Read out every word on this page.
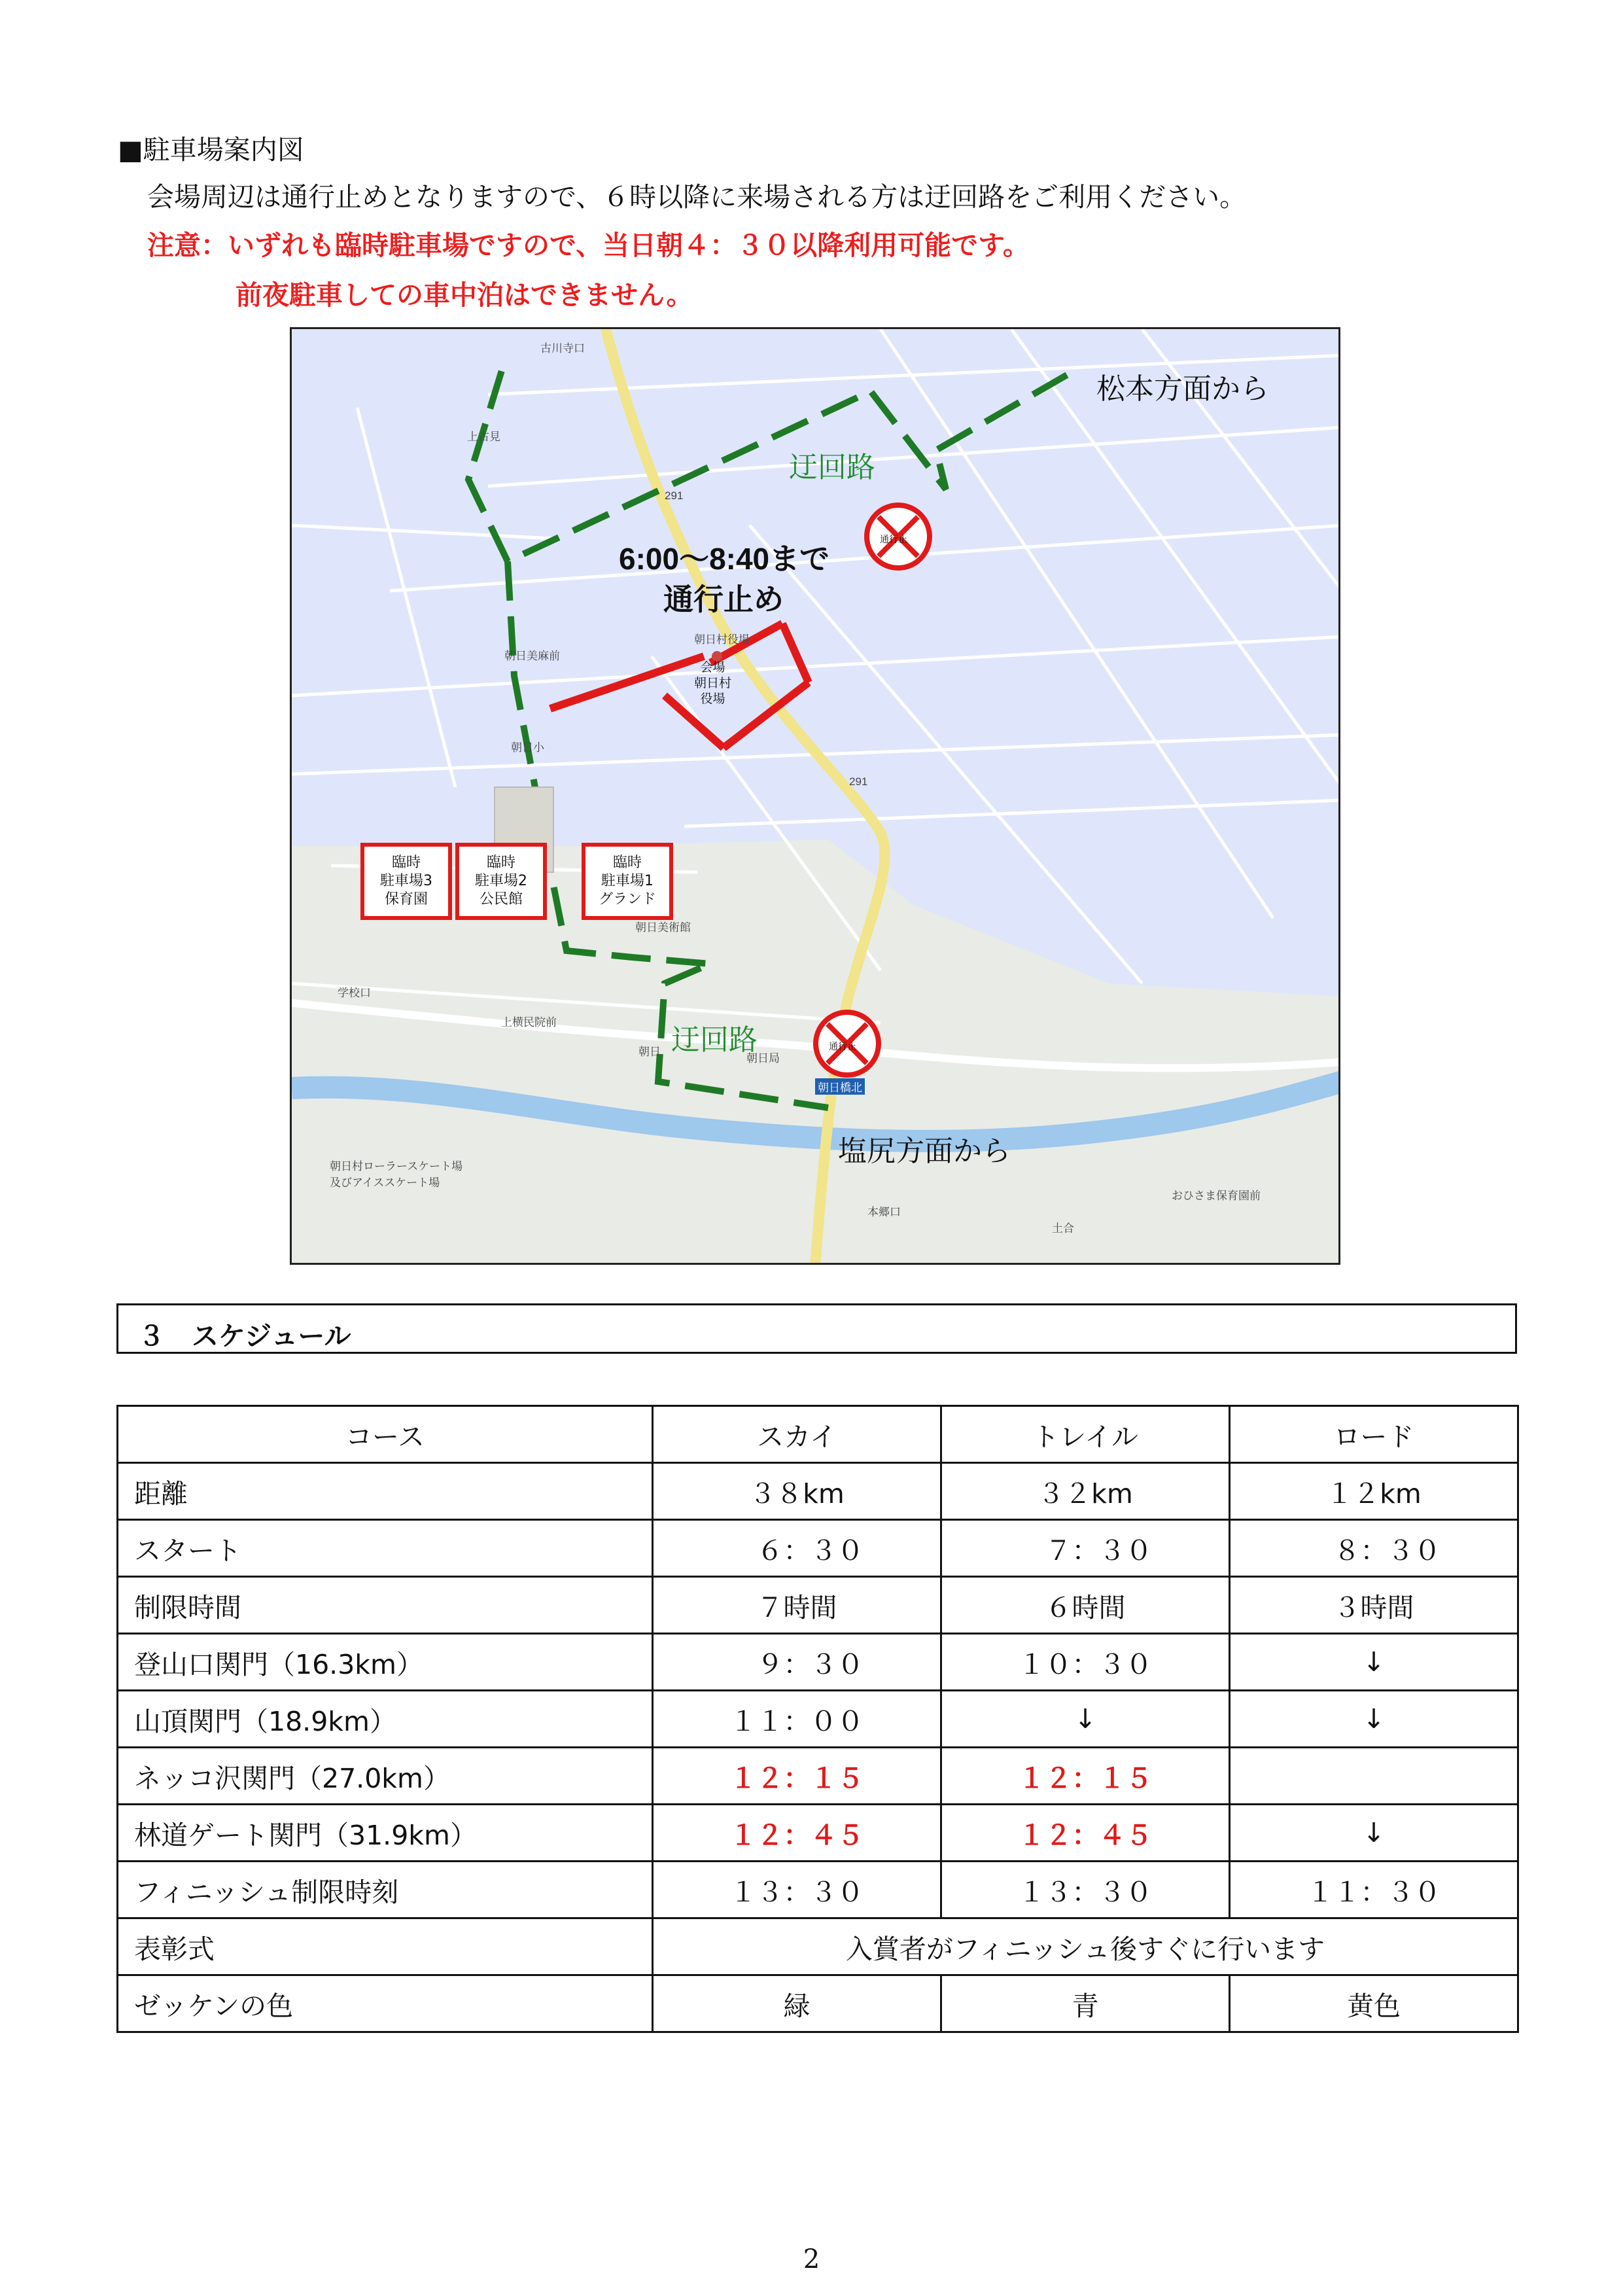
■駐車場案内図
会場周辺は通行止めとなりますので、６時以降に来場される方は迂回路をご利用ください。
注意：いずれも臨時駐車場ですので、当日朝４：３０以降利用可能です。
前夜駐車しての車中泊はできません。
松本方面から
塩尻方面から
迂回路
迂回路
6:00～8:40まで
通行止め
通行止
通行止
会場
朝日村
役場
臨時
駐車場3
保育園
臨時
駐車場2
公民館
臨時
駐車場1
グランド
古川寺口
上古見
291
291
朝日小
朝日美麻前
朝日美術館
学校口
上横民院前
朝日
朝日局
朝日橋北
朝日村ローラースケート場
及びアイススケート場
本郷口
土合
おひさま保育園前
朝日村役場
３　スケジュール
コース	スカイ	トレイル	ロード
距離	３８km	３２km	１２km
スタート	　６：３０	　７：３０	　８：３０
制限時間	７時間	６時間	３時間
登山口関門（16.3km）	　９：３０	１０：３０	↓
山頂関門（18.9km）	１１：００	↓	↓
ネッコ沢関門（27.0km）	１２：１５	１２：１５	
林道ゲート関門（31.9km）	１２：４５	１２：４５	↓
フィニッシュ制限時刻	１３：３０	１３：３０	１１：３０
表彰式	入賞者がフィニッシュ後すぐに行います		
ゼッケンの色	緑	青	黄色
2
